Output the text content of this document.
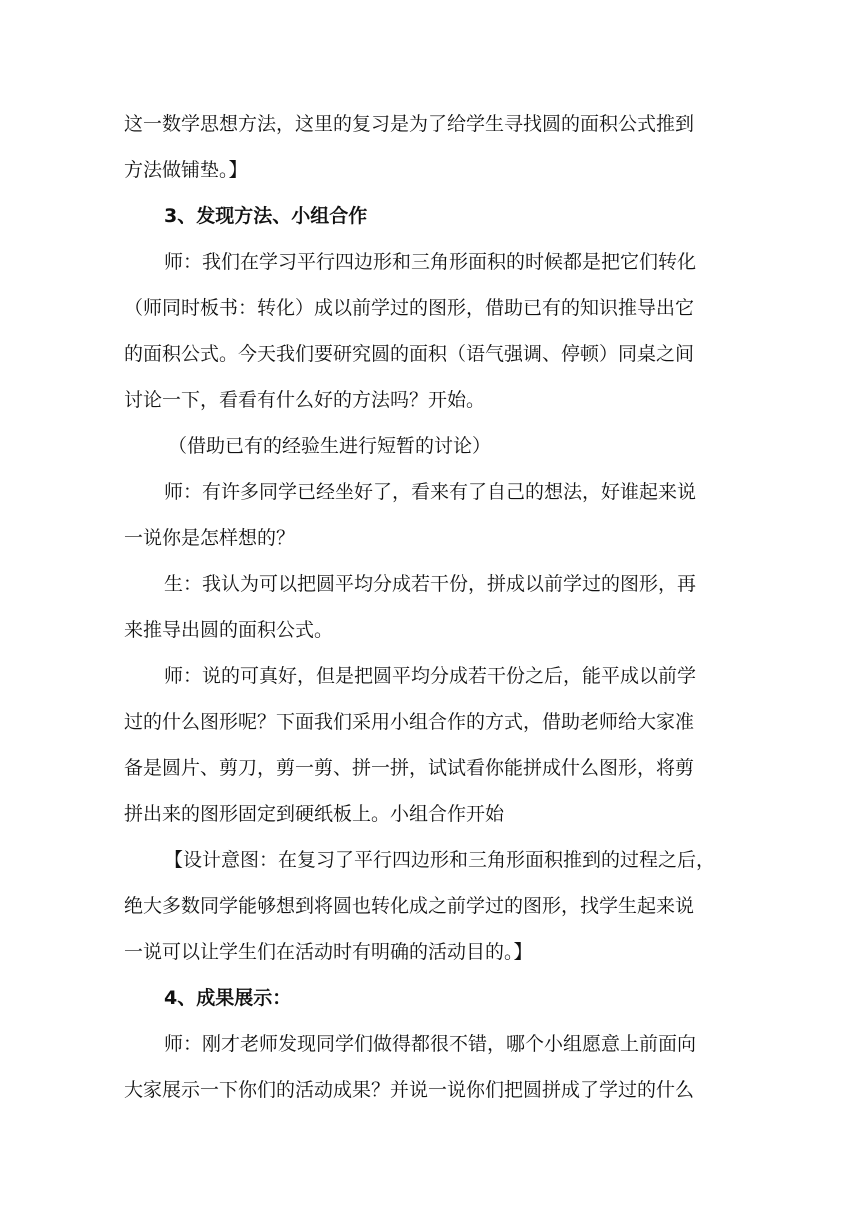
这一数学思想方法，这里的复习是为了给学生寻找圆的面积公式推到
方法做铺垫。】

3、发现方法、小组合作

师：我们在学习平行四边形和三角形面积的时候都是把它们转化
（师同时板书：转化）成以前学过的图形，借助已有的知识推导出它
的面积公式。今天我们要研究圆的面积（语气强调、停顿）同桌之间
讨论一下，看看有什么好的方法吗？开始。

（借助已有的经验生进行短暂的讨论）

师：有许多同学已经坐好了，看来有了自己的想法，好谁起来说
一说你是怎样想的？

生：我认为可以把圆平均分成若干份，拼成以前学过的图形，再
来推导出圆的面积公式。

师：说的可真好，但是把圆平均分成若干份之后，能平成以前学
过的什么图形呢？下面我们采用小组合作的方式，借助老师给大家准
备是圆片、剪刀，剪一剪、拼一拼，试试看你能拼成什么图形，将剪
拼出来的图形固定到硬纸板上。小组合作开始

【设计意图：在复习了平行四边形和三角形面积推到的过程之后，
绝大多数同学能够想到将圆也转化成之前学过的图形，找学生起来说
一说可以让学生们在活动时有明确的活动目的。】

4、成果展示：

师：刚才老师发现同学们做得都很不错，哪个小组愿意上前面向
大家展示一下你们的活动成果？并说一说你们把圆拼成了学过的什么
